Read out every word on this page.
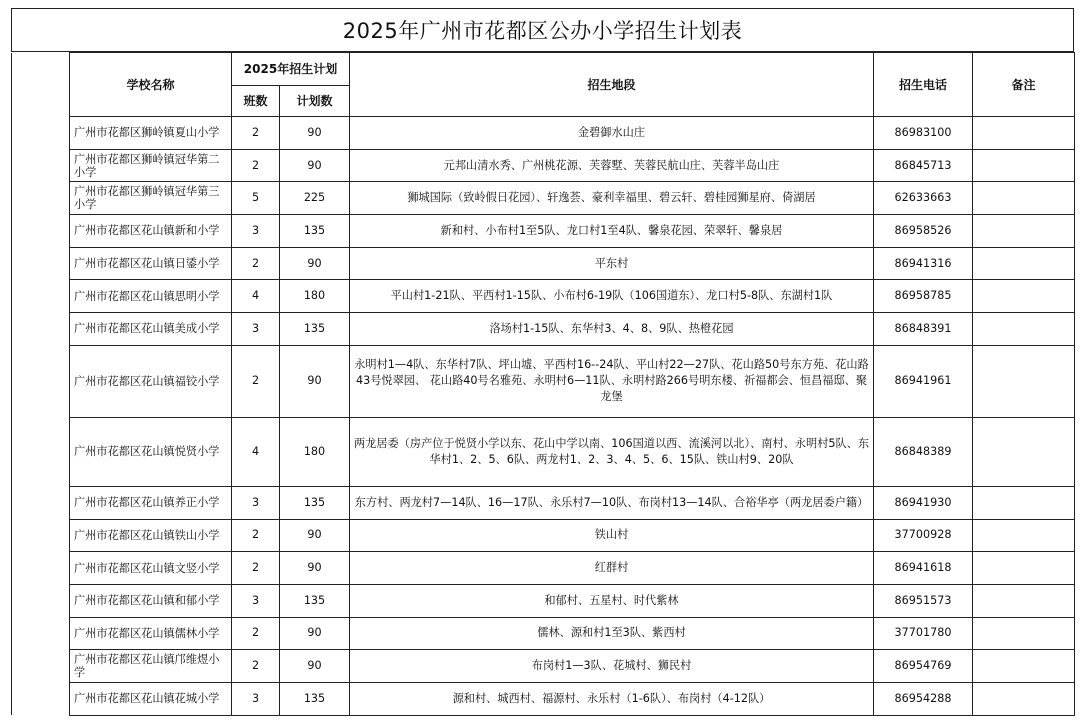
2025年广州市花都区公办小学招生计划表
	学校名称	2025年招生计划		招生地段	招生电话	备注
		班数	计划数			
	广州市花都区狮岭镇夏山小学	2	90	金碧御水山庄	86983100	
	广州市花都区狮岭镇冠华第二小学	2	90	元邦山清水秀、广州桃花源、芙蓉墅、芙蓉民航山庄、芙蓉半岛山庄	86845713	
	广州市花都区狮岭镇冠华第三小学	5	225	狮城国际（致岭假日花园）、轩逸荟、豪利幸福里、碧云轩、碧桂园狮星府、倚湖居	62633663	
	广州市花都区花山镇新和小学	3	135	新和村、小布村1至5队、龙口村1至4队、馨泉花园、荣翠轩、馨泉居	86958526	
	广州市花都区花山镇日鋈小学	2	90	平东村	86941316	
	广州市花都区花山镇思明小学	4	180	平山村1-21队、平西村1-15队、小布村6-19队（106国道东）、龙口村5-8队、东湖村1队	86958785	
	广州市花都区花山镇美成小学	3	135	洛场村1-15队、东华村3、4、8、9队、热橙花园	86848391	
	广州市花都区花山镇福铰小学	2	90	永明村1—4队、东华村7队、坪山墟、平西村16--24队、平山村22—27队、花山路50号东方苑、花山路43号悦翠园、 花山路40号名雅苑、永明村6—11队、永明村路266号明东楼、祈福都会、恒昌福邸、聚龙堡	86941961	
	广州市花都区花山镇悦贤小学	4	180	两龙居委（房产位于悦贤小学以东、花山中学以南、106国道以西、流溪河以北）、南村、永明村5队、东华村1、2、5、6队、两龙村1、2、3、4、5、6、15队、铁山村9、20队	86848389	
	广州市花都区花山镇养正小学	3	135	东方村、两龙村7—14队、16—17队、永乐村7—10队、布岗村13—14队、合裕华亭（两龙居委户籍）	86941930	
	广州市花都区花山镇铁山小学	2	90	铁山村	37700928	
	广州市花都区花山镇文竖小学	2	90	红群村	86941618	
	广州市花都区花山镇和郁小学	3	135	和郁村、五星村、时代紫林	86951573	
	广州市花都区花山镇儒林小学	2	90	儒林、源和村1至3队、紫西村	37701780	
	广州市花都区花山镇邝维煜小学	2	90	布岗村1—3队、花城村、狮民村	86954769	
	广州市花都区花山镇花城小学	3	135	源和村、城西村、福源村、永乐村（1-6队）、布岗村（4-12队）	86954288	
